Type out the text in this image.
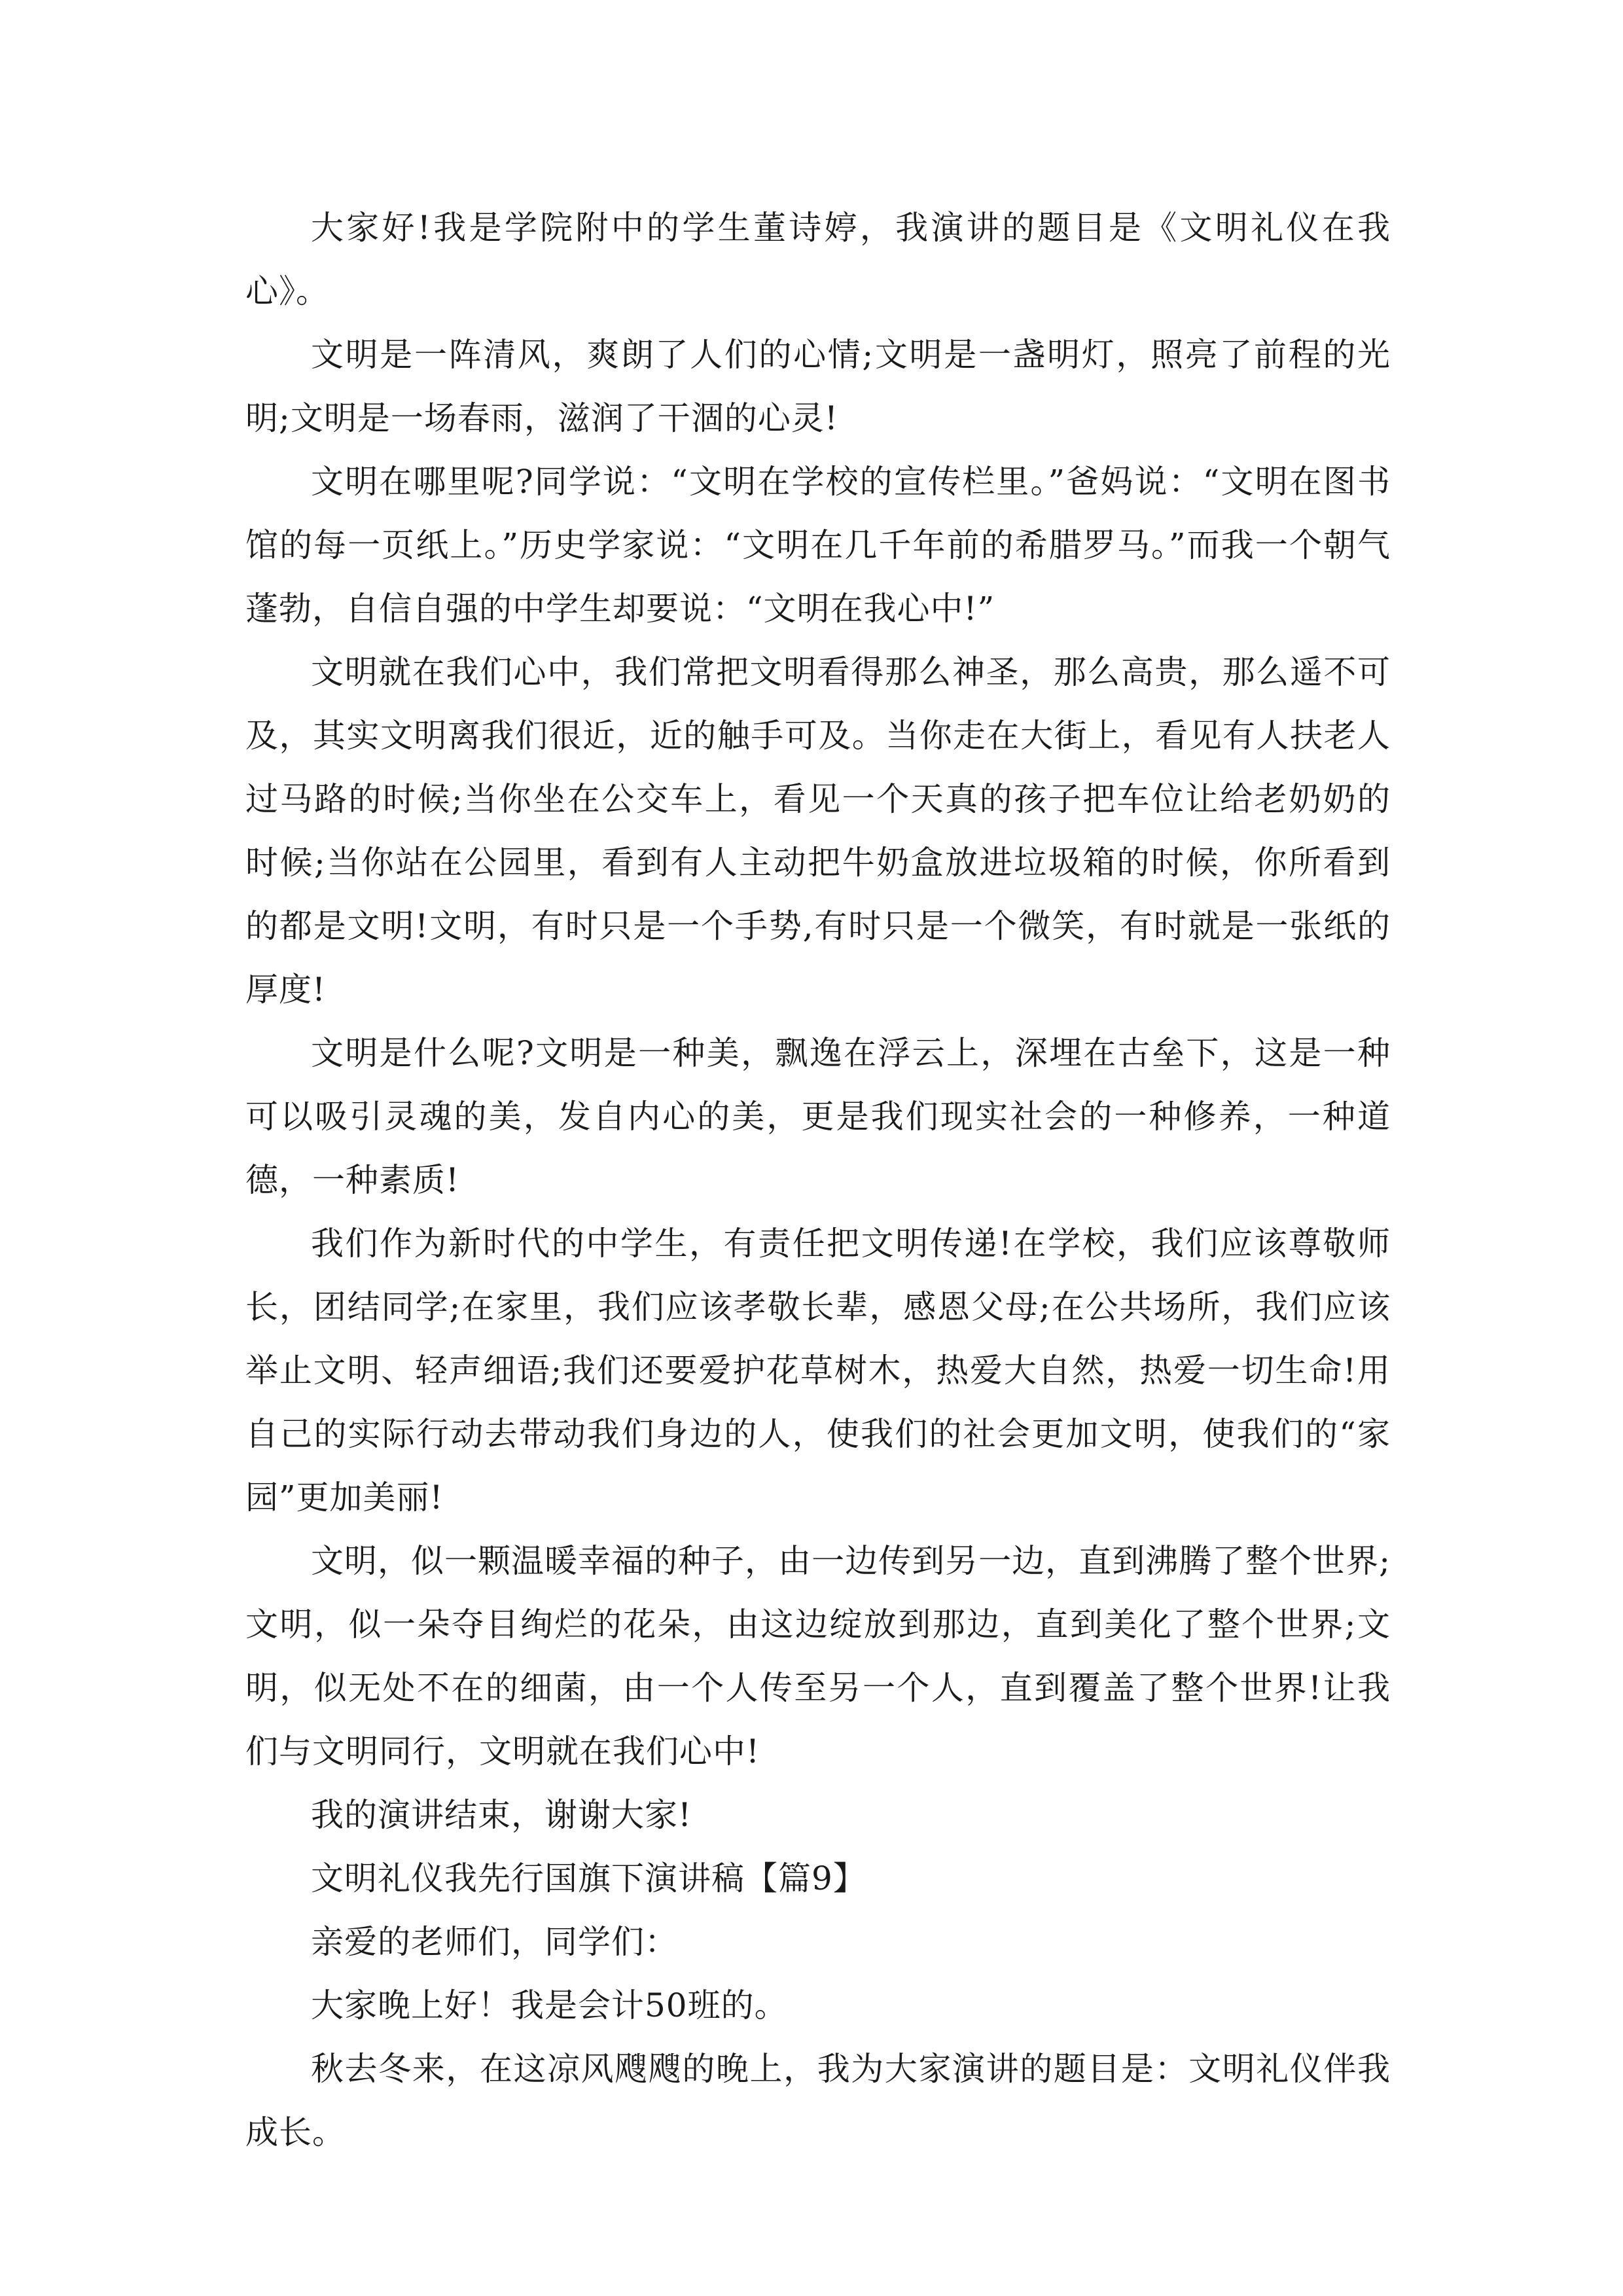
大家好!我是学院附中的学生董诗婷，我演讲的题目是《文明礼仪在我心》。

文明是一阵清风，爽朗了人们的心情;文明是一盏明灯，照亮了前程的光明;文明是一场春雨，滋润了干涸的心灵!

文明在哪里呢?同学说：“文明在学校的宣传栏里。”爸妈说：“文明在图书馆的每一页纸上。”历史学家说：“文明在几千年前的希腊罗马。”而我一个朝气蓬勃，自信自强的中学生却要说：“文明在我心中!”

文明就在我们心中，我们常把文明看得那么神圣，那么高贵，那么遥不可及，其实文明离我们很近，近的触手可及。当你走在大街上，看见有人扶老人过马路的时候;当你坐在公交车上，看见一个天真的孩子把车位让给老奶奶的时候;当你站在公园里，看到有人主动把牛奶盒放进垃圾箱的时候，你所看到的都是文明!文明，有时只是一个手势,有时只是一个微笑，有时就是一张纸的厚度!

文明是什么呢?文明是一种美，飘逸在浮云上，深埋在古垒下，这是一种可以吸引灵魂的美，发自内心的美，更是我们现实社会的一种修养，一种道德，一种素质!

我们作为新时代的中学生，有责任把文明传递!在学校，我们应该尊敬师长，团结同学;在家里，我们应该孝敬长辈，感恩父母;在公共场所，我们应该举止文明、轻声细语;我们还要爱护花草树木，热爱大自然，热爱一切生命!用自己的实际行动去带动我们身边的人，使我们的社会更加文明，使我们的“家园”更加美丽!

文明，似一颗温暖幸福的种子，由一边传到另一边，直到沸腾了整个世界;文明，似一朵夺目绚烂的花朵，由这边绽放到那边，直到美化了整个世界;文明，似无处不在的细菌，由一个人传至另一个人，直到覆盖了整个世界!让我们与文明同行，文明就在我们心中!

我的演讲结束，谢谢大家!

文明礼仪我先行国旗下演讲稿【篇9】

亲爱的老师们，同学们：

大家晚上好！我是会计50班的。

秋去冬来，在这凉风飕飕的晚上，我为大家演讲的题目是：文明礼仪伴我成长。
